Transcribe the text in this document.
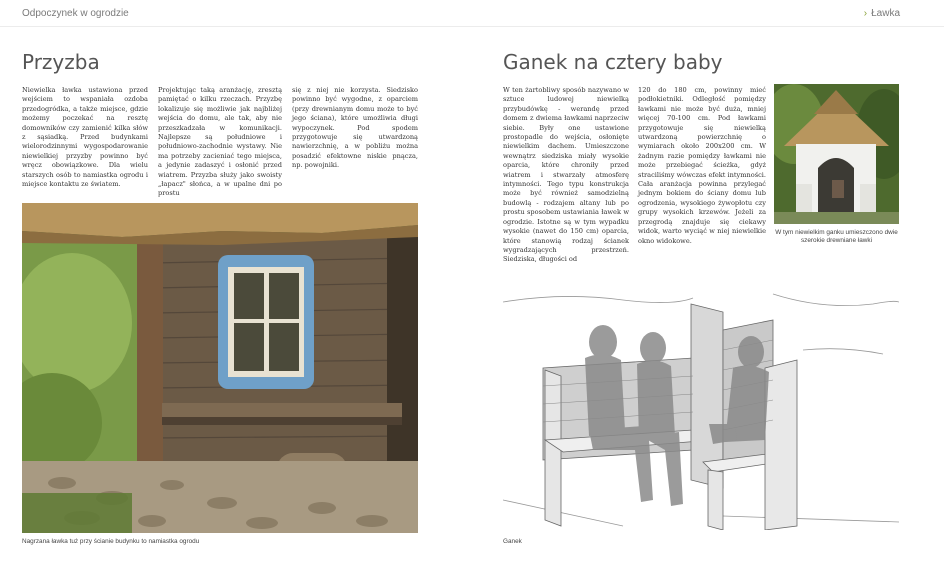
Odpoczynek w ogrodzie	› Ławka
Przyzba
Niewielka ławka ustawiona przed wejściem to wspaniała ozdoba przedogródka, a także miejsce, gdzie możemy poczekać na resztę domowników czy zamienić kilka słów z sąsiadką. Przed budynkami wielorodzinnymi wygospodarowanie niewielkiej przyzby powinno być wręcz obowiązkowe. Dla wielu starszych osób to namiastka ogrodu i miejsce kontaktu ze światem.
Projektując taką aranżację, zresztą pamiętać o kilku rzeczach. Przyzbę lokalizuje się możliwie jak najbliżej wejścia do domu, ale tak, aby nie przeszkadzała w komunikacji. Najlepsze są południowe i południowo-zachodnie wystawy. Nie ma potrzeby zacieniać tego miejsca, a jedynie zadaszyć i osłonić przed wiatrem. Przyzba służy jako swoisty „łapacz" słońca, a w upalne dni po prostu
się z niej nie korzysta. Siedzisko powinno być wygodne, z oparciem (przy drewnianym domu może to być jego ściana), które umożliwia długi wypoczynek. Pod spodem przygotowuje się utwardzoną nawierzchnię, a w pobliżu można posadzić efektowne niskie pnącza, np. powojniki.
Nagrzana ławka tuż przy ścianie budynku to namiastka ogrodu
Ganek na cztery baby
W ten żartobliwy sposób nazywano w sztuce ludowej niewielką przybudówkę - werandę przed domem z dwiema ławkami naprzeciw siebie. Były one ustawione prostopadle do wejścia, osłonięte niewielkim dachem. Umieszczone wewnątrz siedziska miały wysokie oparcia, które chroniły przed wiatrem i stwarzały atmosferę intymności. Tego typu konstrukcja może być również samodzielną budowlą - rodzajem altany lub po prostu sposobem ustawiania ławek w ogrodzie. Istotne są w tym wypadku wysokie (nawet do 150 cm) oparcia, które stanowią rodzaj ścianek wygradzających przestrzeń. Siedziska, długości od
120 do 180 cm, powinny mieć podłokietniki. Odległość pomiędzy ławkami nie może być duża, mniej więcej 70-100 cm. Pod ławkami przygotowuje się niewielką utwardzoną powierzchnię o wymiarach około 200x200 cm. W żadnym razie pomiędzy ławkami nie może przebiegać ścieżka, gdyż straciliśmy wówczas efekt intymności. Cała aranżacja powinna przylegać jednym bokiem do ściany domu lub ogrodzenia, wysokiego żywopłotu czy grupy wysokich krzewów. Jeżeli za przegrodą znajduje się ciekawy widok, warto wyciąć w niej niewielkie okno widokowe.
W tym niewielkim ganku umieszczono dwie szerokie drewniane ławki
Ganek
